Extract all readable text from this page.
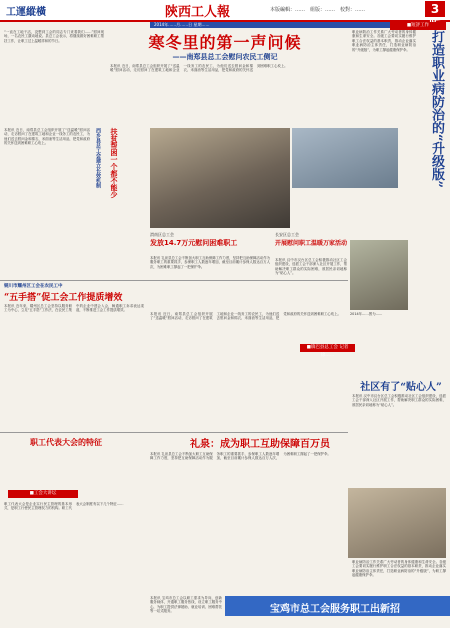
工運縱橫	陝西工人報	本版編輯：……　組版：……　校對：……	3
2014年……月……日 星期……	■短評工作
“一直在工地干活，没想到工会的同志专门来看我们……”慰问现场，一名农民工激动地说。县总工会表示，将继续做好困难职工帮扶工作，让职工过上温暖祥和的节日。
本报讯 近日，南郑县总工会组织开展了“送温暖”慰问活动，走访慰问了在建筑工地和企业一线务工的农民工，为他们送去慰问金和棉衣、米面油等生活用品，把党和政府的关怀送到困难职工心坎上。
寒冬里的第一声问候
——南郑县总工会慰问农民工侧记
本报讯 近日，南郑县总工会组织开展了“送温暖”慰问活动，走访慰问了在建筑工地和企业一线务工的农民工，为他们送去慰问金和棉衣、米面油等生活用品，把党和政府的关怀送到困难职工心坎上。
扶贫帮困一个都不能少
西乡县总工会建立长效机制	打造职业病防治的“升级版”
职业病防治工作关系广大劳动者的身体健康和生命安全。各级工会要切实履行维护职工合法权益的基本职责，推动企业落实职业病防治主体责任，打造职业病防治的“升级版”，为职工撑起健康保护伞。
2014年……图为……
渭南区总工会
发放14.7万元慰问困难职工
长安区总工会
开展慰问职工温暖万家活动
本报讯 礼泉县总工会不断加大职工互助保障工作力度，坚持把互助保障活动作为服务职工的重要抓手，参保职工人数逐年增加，截至目前累计参保人数达百万人次，为困难职工撑起了一把保护伞。
本报讯 汉中市汉台区总工会积极推动社区工会组织建设，选派工会干部深入社区开展工作，帮助解决职工群众的实际困难，被居民亲切地称为“贴心人”。
■镇巴县总工会 记者徐……
铜川市耀州区工会在农民工中
“五手搭”促工会工作提质增效
本报讯 近年来，耀州区总工会坚持以服务职工为中心，立足“五手搭”工作法，在农民工集中的企业中建会入会，畅通职工诉求表达渠道，不断推进工会工作提质增效。
本报讯 近日，南郑县总工会组织开展了“送温暖”慰问活动，走访慰问了在建筑工地和企业一线务工的农民工，为他们送去慰问金和棉衣、米面油等生活用品，把党和政府的关怀送到困难职工心坎上。
职工代表大会的特征
■工会大讲坛
职工代表大会是企业实行民主管理的基本形式，是职工行使民主管理权力的机构。职工代表大会制度有以下几个特征……
礼泉：成为职工互助保障百万员
本报讯 礼泉县总工会不断加大职工互助保障工作力度，坚持把互助保障活动作为服务职工的重要抓手，参保职工人数逐年增加，截至目前累计参保人数达百万人次，为困难职工撑起了一把保护伞。
社区有了“贴心人”
本报讯 汉中市汉台区总工会积极推动社区工会组织建设，选派工会干部深入社区开展工作，帮助解决职工群众的实际困难，被居民亲切地称为“贴心人”。
职业病防治工作关系广大劳动者的身体健康和生命安全。各级工会要切实履行维护职工合法权益的基本职责，推动企业落实职业病防治主体责任，打造职业病防治的“升级版”，为职工撑起健康保护伞。
宝鸡市总工会服务职工出新招
本报讯 宝鸡市总工会以职工需求为导向，创新服务载体，开通职工服务热线，设立职工服务中心，为职工提供法律援助、就业培训、困难帮扶等一站式服务。
